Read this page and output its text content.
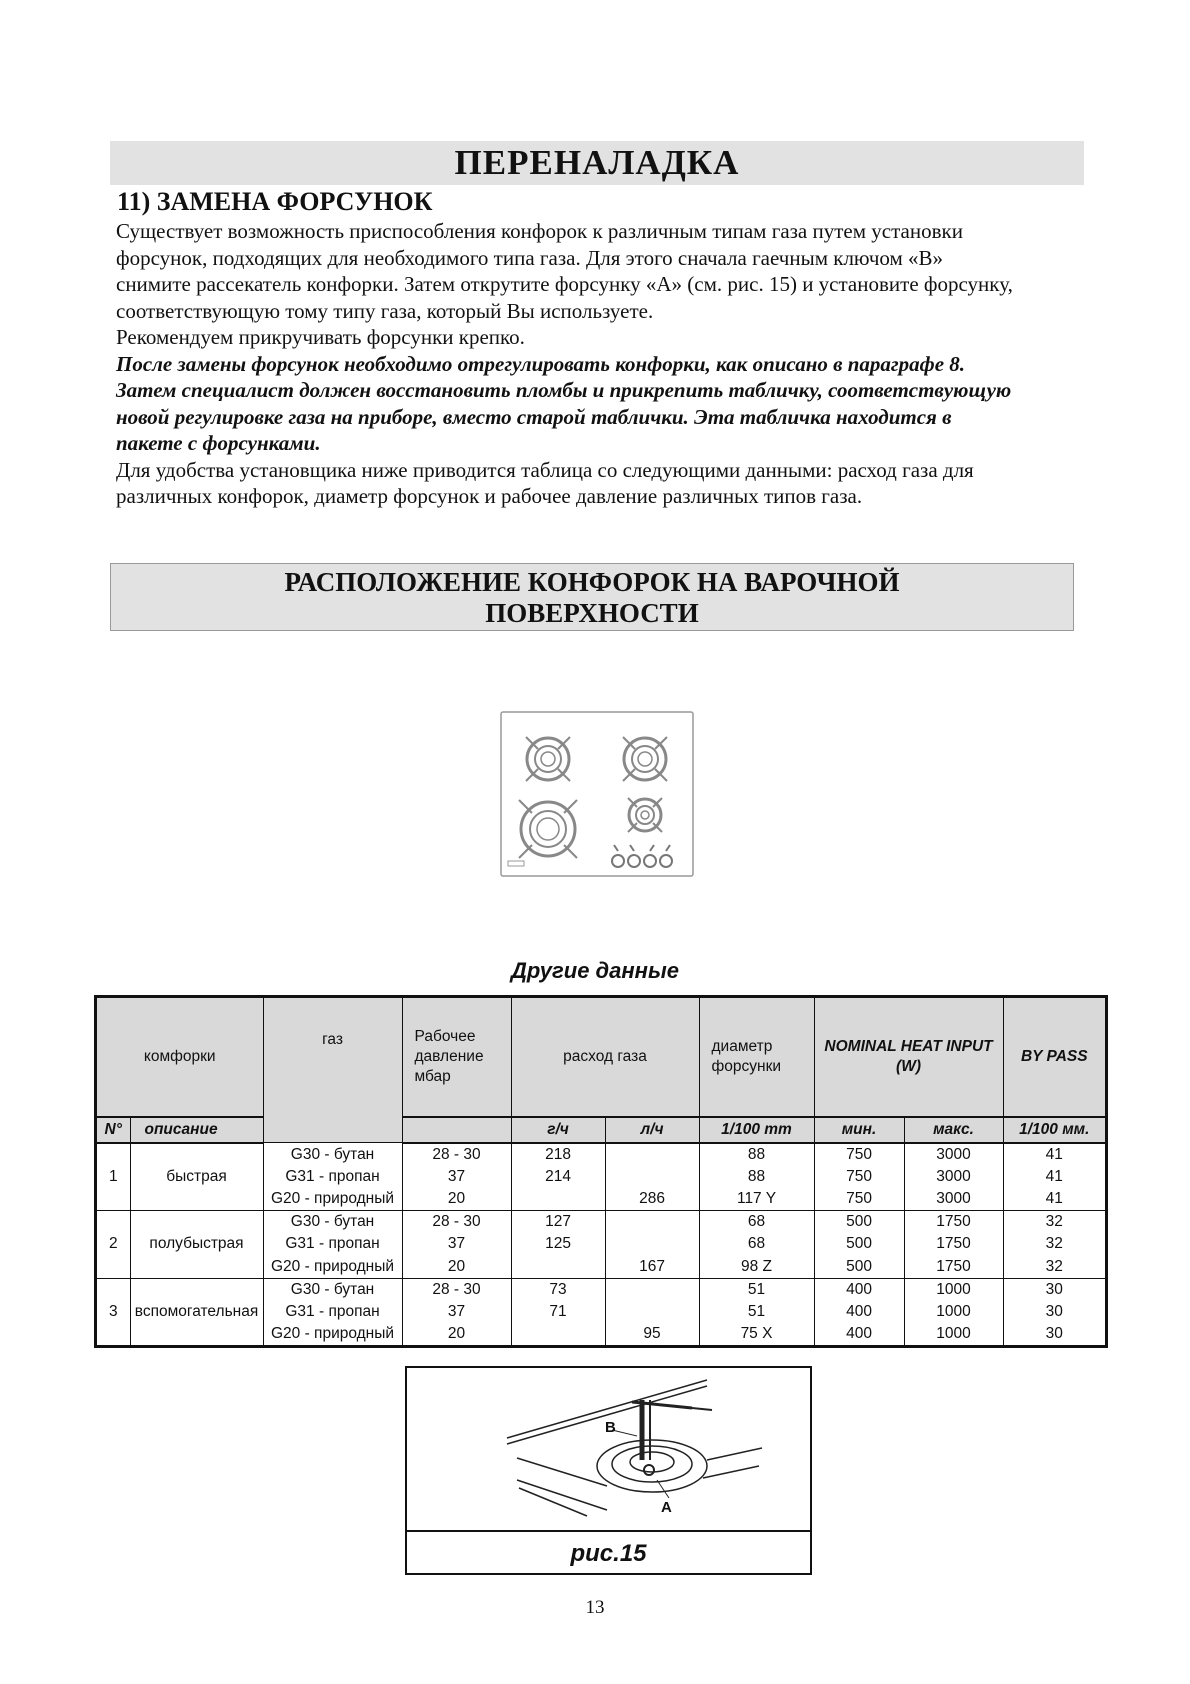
ПЕРЕНАЛАДКА
11) ЗАМЕНА ФОРСУНОК

Существует возможность приспособления конфорок к различным типам газа путем установки форсунок, подходящих для необходимого типа газа. Для этого сначала гаечным ключом «В» снимите рассекатель конфорки. Затем открутите форсунку «А» (см. рис. 15) и установите форсунку, соответствующую тому типу газа, который Вы используете.

Рекомендуем прикручивать форсунки крепко.

После замены форсунок необходимо отрегулировать конфорки, как описано в параграфе 8. Затем специалист должен восстановить пломбы и прикрепить табличку, соответствующую новой регулировке газа на приборе, вместо старой таблички. Эта табличка находится в пакете с форсунками.

Для удобства установщика ниже приводится таблица со следующими данными: расход газа для различных конфорок, диаметр форсунок и рабочее давление различных типов газа.

РАСПОЛОЖЕНИЕ КОНФОРОК НА ВАРОЧНОЙ
ПОВЕРХНОСТИ
Другие данные
комфорки		газ	Рабочее давление мбар	расход газа		диаметр форсунки	NOMINAL HEAT INPUT (W)		BY PASS
N°	описание			г/ч	л/ч	1/100 mm	мин.	макс.	1/100 мм.
1	быстрая	G30 - бутан	28 - 30	218		88	750	3000	41
		G31 - пропан	37	214		88	750	3000	41
		G20 - природный	20		286	117 Y	750	3000	41
2	полубыстрая	G30 - бутан	28 - 30	127		68	500	1750	32
		G31 - пропан	37	125		68	500	1750	32
		G20 - природный	20		167	98 Z	500	1750	32
3	вспомогательная	G30 - бутан	28 - 30	73		51	400	1000	30
		G31 - пропан	37	71		51	400	1000	30
		G20 - природный	20		95	75 X	400	1000	30
B
A
рис.15
13
